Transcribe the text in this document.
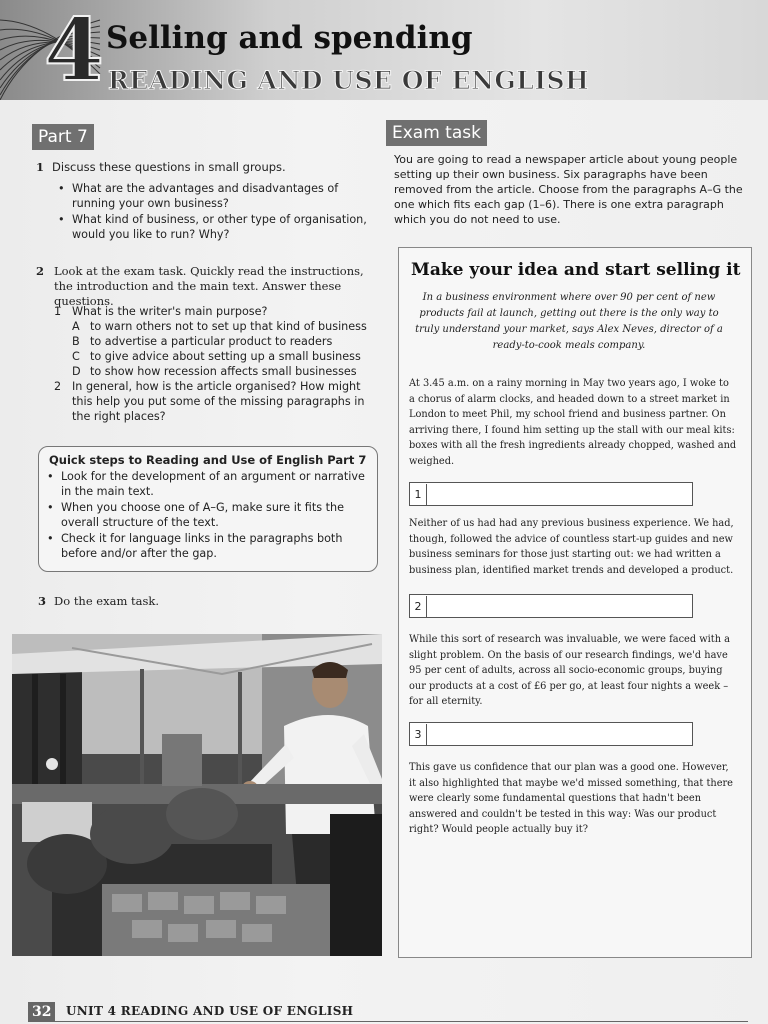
4 Selling and spending
READING AND USE OF ENGLISH
Part 7
1 Discuss these questions in small groups.
• What are the advantages and disadvantages of running your own business?
• What kind of business, or other type of organisation, would you like to run? Why?
2 Look at the exam task. Quickly read the instructions, the introduction and the main text. Answer these questions.
1 What is the writer's main purpose?
A to warn others not to set up that kind of business
B to advertise a particular product to readers
C to give advice about setting up a small business
D to show how recession affects small businesses
2 In general, how is the article organised? How might this help you put some of the missing paragraphs in the right places?
Quick steps to Reading and Use of English Part 7
• Look for the development of an argument or narrative in the main text.
• When you choose one of A–G, make sure it fits the overall structure of the text.
• Check it for language links in the paragraphs both before and/or after the gap.
3 Do the exam task.
Exam task
You are going to read a newspaper article about young people setting up their own business. Six paragraphs have been removed from the article. Choose from the paragraphs A–G the one which fits each gap (1–6). There is one extra paragraph which you do not need to use.
Make your idea and start selling it
In a business environment where over 90 per cent of new products fail at launch, getting out there is the only way to truly understand your market, says Alex Neves, director of a ready-to-cook meals company.
At 3.45 a.m. on a rainy morning in May two years ago, I woke to a chorus of alarm clocks, and headed down to a street market in London to meet Phil, my school friend and business partner. On arriving there, I found him setting up the stall with our meal kits: boxes with all the fresh ingredients already chopped, washed and weighed.
1
Neither of us had had any previous business experience. We had, though, followed the advice of countless start-up guides and new business seminars for those just starting out: we had written a business plan, identified market trends and developed a product.
2
While this sort of research was invaluable, we were faced with a slight problem. On the basis of our research findings, we'd have 95 per cent of adults, across all socio-economic groups, buying our products at a cost of £6 per go, at least four nights a week – for all eternity.
3
This gave us confidence that our plan was a good one. However, it also highlighted that maybe we'd missed something, that there were clearly some fundamental questions that hadn't been answered and couldn't be tested in this way: Was our product right? Would people actually buy it?
32	UNIT 4 READING AND USE OF ENGLISH
